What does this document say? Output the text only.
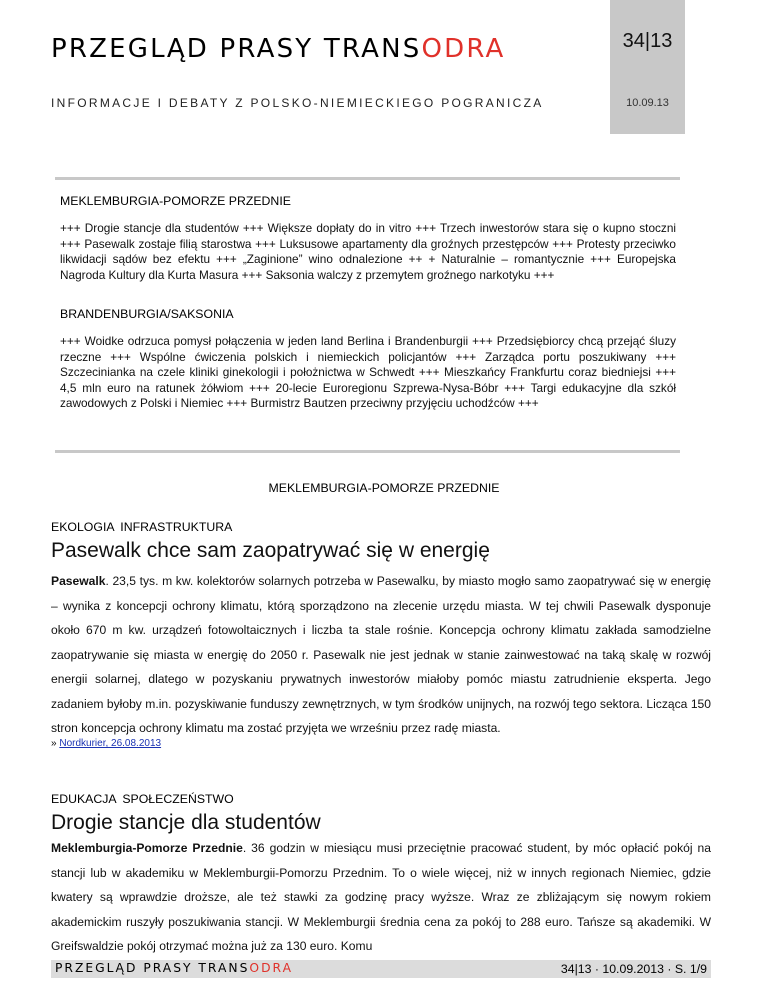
PRZEGLĄD PRASY TRANSODRA
INFORMACJE I DEBATY Z POLSKO-NIEMIECKIEGO POGRANICZA
34|13
10.09.13
MEKLEMBURGIA-POMORZE PRZEDNIE
+++ Drogie stancje dla studentów +++ Większe dopłaty do in vitro +++ Trzech inwestorów stara się o kupno stoczni +++ Pasewalk zostaje filią starostwa +++ Luksusowe apartamenty dla groźnych przestępców +++ Protesty przeciwko likwidacji sądów bez efektu +++ „Zaginione” wino odnalezione ++ + Naturalnie – romantycznie +++ Europejska Nagroda Kultury dla Kurta Masura +++ Saksonia walczy z przemytem groźnego narkotyku +++
BRANDENBURGIA/SAKSONIA
+++ Woidke odrzuca pomysł połączenia w jeden land Berlina i Brandenburgii +++ Przedsiębiorcy chcą przejąć śluzy rzeczne +++ Wspólne ćwiczenia polskich i niemieckich policjantów +++ Zarządca portu poszukiwany +++ Szczecinianka na czele kliniki ginekologii i położnictwa w Schwedt +++ Mieszkańcy Frankfurtu coraz biedniejsi +++ 4,5 mln euro na ratunek żółwiom +++ 20-lecie Euroregionu Szprewa-Nysa-Bóbr +++ Targi edukacyjne dla szkół zawodowych z Polski i Niemiec +++ Burmistrz Bautzen przeciwny przyjęciu uchodźców +++
MEKLEMBURGIA-POMORZE PRZEDNIE
EKOLOGIA INFRASTRUKTURA
Pasewalk chce sam zaopatrywać się w energię
Pasewalk. 23,5 tys. m kw. kolektorów solarnych potrzeba w Pasewalku, by miasto mogło samo zaopatrywać się w energię – wynika z koncepcji ochrony klimatu, którą sporządzono na zlecenie urzędu miasta. W tej chwili Pasewalk dysponuje około 670 m kw. urządzeń fotowoltaicznych i liczba ta stale rośnie. Koncepcja ochrony klimatu zakłada samodzielne zaopatrywanie się miasta w energię do 2050 r. Pasewalk nie jest jednak w stanie zainwestować na taką skalę w rozwój energii solarnej, dlatego w pozyskaniu prywatnych inwestorów miałoby pomóc miastu zatrudnienie eksperta. Jego zadaniem byłoby m.in. pozyskiwanie funduszy zewnętrznych, w tym środków unijnych, na rozwój tego sektora. Licząca 150 stron koncepcja ochrony klimatu ma zostać przyjęta we wrześniu przez radę miasta.
» Nordkurier, 26.08.2013
EDUKACJA SPOŁECZEŃSTWO
Drogie stancje dla studentów
Meklemburgia-Pomorze Przednie. 36 godzin w miesiącu musi przeciętnie pracować student, by móc opłacić pokój na stancji lub w akademiku w Meklemburgii-Pomorzu Przednim. To o wiele więcej, niż w innych regionach Niemiec, gdzie kwatery są wprawdzie droższe, ale też stawki za godzinę pracy wyższe. Wraz ze zbliżającym się nowym rokiem akademickim ruszyły poszukiwania stancji. W Meklemburgii średnia cena za pokój to 288 euro. Tańsze są akademiki. W Greifswaldzie pokój otrzymać można już za 130 euro. Komu
PRZEGLĄD PRASY TRANSODRA	34|13 · 10.09.2013 · S. 1/9
